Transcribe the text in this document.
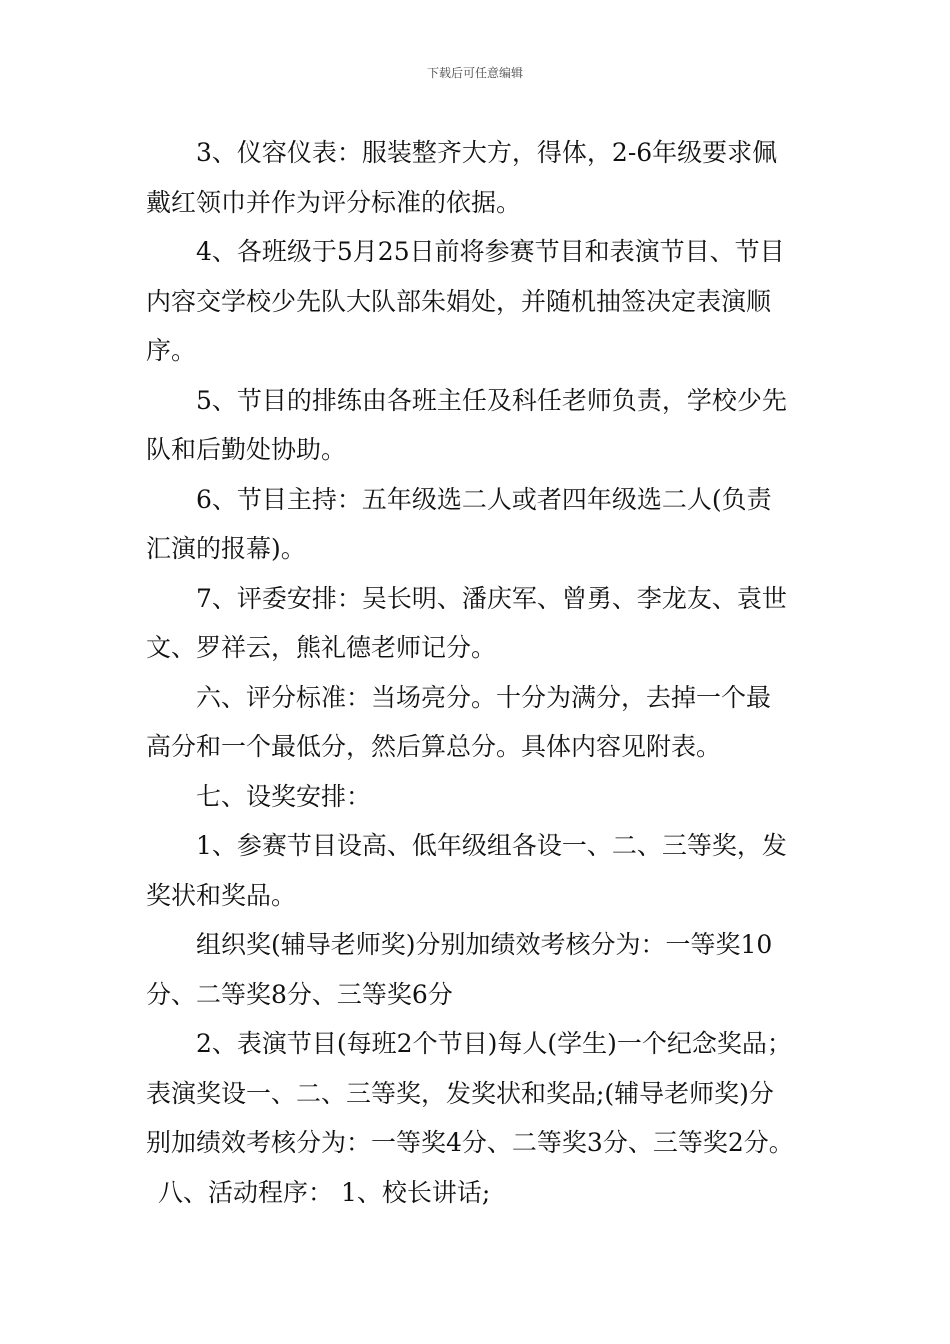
下载后可任意编辑
3、仪容仪表：服装整齐大方，得体，2-6年级要求佩
戴红领巾并作为评分标准的依据。
4、各班级于5月25日前将参赛节目和表演节目、节目
内容交学校少先队大队部朱娟处，并随机抽签决定表演顺
序。
5、节目的排练由各班主任及科任老师负责，学校少先
队和后勤处协助。
6、节目主持：五年级选二人或者四年级选二人(负责
汇演的报幕)。
7、评委安排：吴长明、潘庆军、曾勇、李龙友、袁世
文、罗祥云，熊礼德老师记分。
六、评分标准：当场亮分。十分为满分，去掉一个最
高分和一个最低分，然后算总分。具体内容见附表。
七、设奖安排：
1、参赛节目设高、低年级组各设一、二、三等奖，发
奖状和奖品。
组织奖(辅导老师奖)分别加绩效考核分为：一等奖10
分、二等奖8分、三等奖6分
2、表演节目(每班2个节目)每人(学生)一个纪念奖品；
表演奖设一、二、三等奖，发奖状和奖品;(辅导老师奖)分
别加绩效考核分为：一等奖4分、二等奖3分、三等奖2分。
八、活动程序： 1、校长讲话;
